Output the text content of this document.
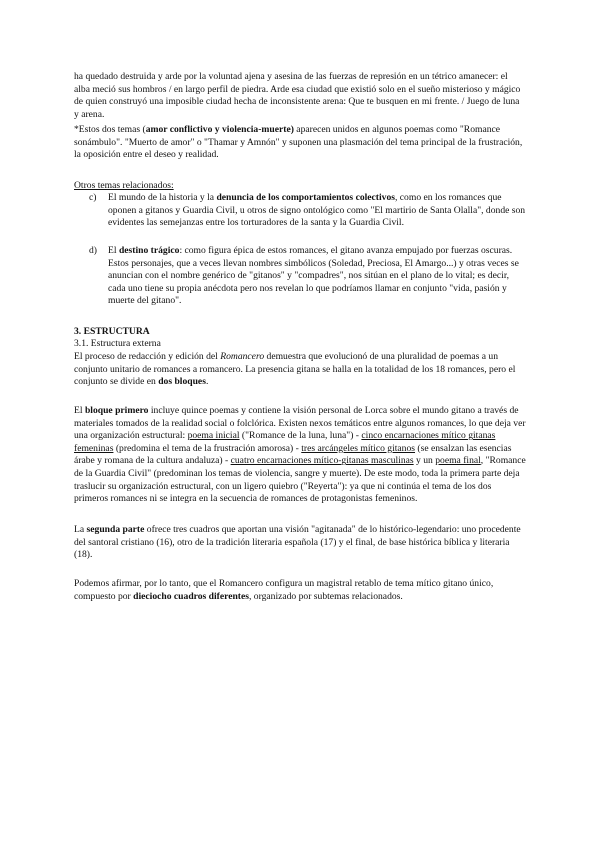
ha quedado destruida y arde por la voluntad ajena y asesina de las fuerzas de represión en un tétrico amanecer: el alba meció sus hombros / en largo perfil de piedra. Arde esa ciudad que existió solo en el sueño misterioso y mágico de quien construyó una imposible ciudad hecha de inconsistente arena: Que te busquen en mi frente. / Juego de luna y arena.

*Estos dos temas (amor conflictivo y violencia-muerte) aparecen unidos en algunos poemas como "Romance sonámbulo". "Muerto de amor" o "Thamar y Amnón" y suponen una plasmación del tema principal de la frustración, la oposición entre el deseo y realidad.

Otros temas relacionados:

c) El mundo de la historia y la denuncia de los comportamientos colectivos, como en los romances que oponen a gitanos y Guardia Civil, u otros de signo ontológico como "El martirio de Santa Olalla", donde son evidentes las semejanzas entre los torturadores de la santa y la Guardia Civil.

d) El destino trágico: como figura épica de estos romances, el gitano avanza empujado por fuerzas oscuras. Estos personajes, que a veces llevan nombres simbólicos (Soledad, Preciosa, El Amargo...) y otras veces se anuncian con el nombre genérico de "gitanos" y "compadres", nos sitúan en el plano de lo vital; es decir, cada uno tiene su propia anécdota pero nos revelan lo que podríamos llamar en conjunto "vida, pasión y muerte del gitano".

3. ESTRUCTURA

3.1. Estructura externa

El proceso de redacción y edición del Romancero demuestra que evolucionó de una pluralidad de poemas a un conjunto unitario de romances a romancero. La presencia gitana se halla en la totalidad de los 18 romances, pero el conjunto se divide en dos bloques.

El bloque primero incluye quince poemas y contiene la visión personal de Lorca sobre el mundo gitano a través de materiales tomados de la realidad social o folclórica. Existen nexos temáticos entre algunos romances, lo que deja ver una organización estructural: poema inicial ("Romance de la luna, luna") - cinco encarnaciones mítico gitanas femeninas (predomina el tema de la frustración amorosa) - tres arcángeles mítico gitanos (se ensalzan las esencias árabe y romana de la cultura andaluza) - cuatro encarnaciones mítico-gitanas masculinas y un poema final, "Romance de la Guardia Civil" (predominan los temas de violencia, sangre y muerte). De este modo, toda la primera parte deja traslucir su organización estructural, con un ligero quiebro ("Reyerta"): ya que ni continúa el tema de los dos primeros romances ni se integra en la secuencia de romances de protagonistas femeninos.

La segunda parte ofrece tres cuadros que aportan una visión "agitanada" de lo histórico-legendario: uno procedente del santoral cristiano (16), otro de la tradición literaria española (17) y el final, de base histórica bíblica y literaria (18).

Podemos afirmar, por lo tanto, que el Romancero configura un magistral retablo de tema mítico gitano único, compuesto por dieciocho cuadros diferentes, organizado por subtemas relacionados.
